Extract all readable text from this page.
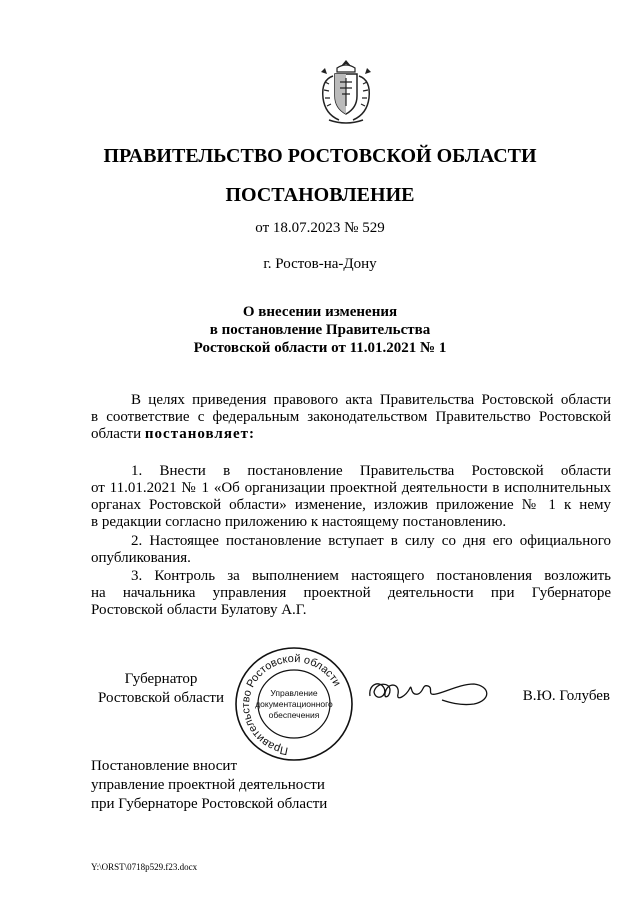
ПРАВИТЕЛЬСТВО РОСТОВСКОЙ ОБЛАСТИ
ПОСТАНОВЛЕНИЕ
от 18.07.2023 № 529
г. Ростов-на-Дону
О внесении изменения
в постановление Правительства
Ростовской области от 11.01.2021 № 1
В целях приведения правового акта Правительства Ростовской области
в соответствие с федеральным законодательством Правительство Ростовской
области постановляет:
1. Внести в постановление Правительства Ростовской области
от 11.01.2021 № 1 «Об организации проектной деятельности в исполнительных
органах Ростовской области» изменение, изложив приложение № 1 к нему
в редакции согласно приложению к настоящему постановлению.
2. Настоящее постановление вступает в силу со дня его официального
опубликования.
3. Контроль за выполнением настоящего постановления возложить
на начальника управления проектной деятельности при Губернаторе
Ростовской области Булатову А.Г.
Губернатор
Ростовской области
Правительство Ростовской области
Управление
документационного
обеспечения
В.Ю. Голубев
Постановление вносит
управление проектной деятельности
при Губернаторе Ростовской области
Y:\ORST\0718p529.f23.docx
